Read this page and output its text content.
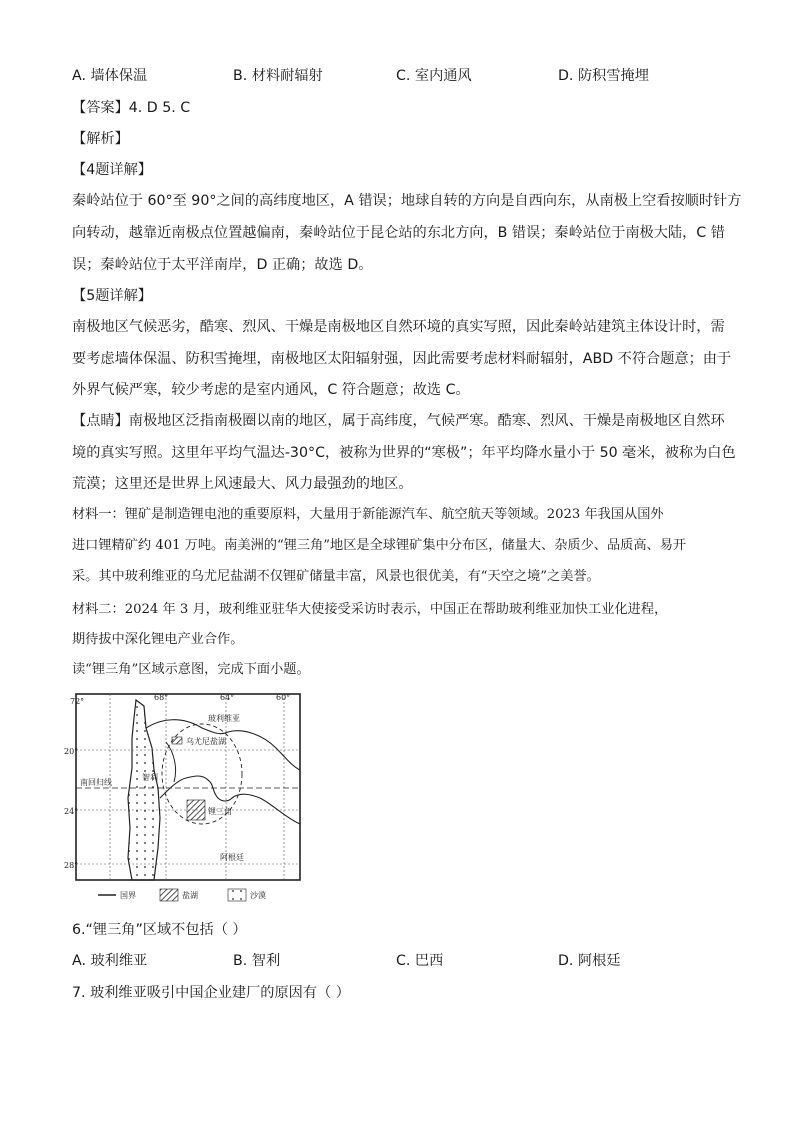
A. 墙体保温	B. 材料耐辐射	C. 室内通风	D. 防积雪掩埋
【答案】4. D 5. C
【解析】
【4题详解】
秦岭站位于 60°至 90°之间的高纬度地区，A 错误；地球自转的方向是自西向东，从南极上空看按顺时针方
向转动，越靠近南极点位置越偏南，秦岭站位于昆仑站的东北方向，B 错误；秦岭站位于南极大陆，C 错
误；秦岭站位于太平洋南岸，D 正确；故选 D。
【5题详解】
南极地区气候恶劣，酷寒、烈风、干燥是南极地区自然环境的真实写照，因此秦岭站建筑主体设计时，需
要考虑墙体保温、防积雪掩埋，南极地区太阳辐射强，因此需要考虑材料耐辐射，ABD 不符合题意；由于
外界气候严寒，较少考虑的是室内通风，C 符合题意；故选 C。
【点睛】南极地区泛指南极圈以南的地区，属于高纬度，气候严寒。酷寒、烈风、干燥是南极地区自然环
境的真实写照。这里年平均气温达-30°C，被称为世界的“寒极”；年平均降水量小于 50 毫米，被称为白色
荒漠；这里还是世界上风速最大、风力最强劲的地区。
材料一：锂矿是制造锂电池的重要原料，大量用于新能源汽车、航空航天等领域。2023 年我国从国外
进口锂精矿约 401 万吨。南美洲的“锂三角”地区是全球锂矿集中分布区，储量大、杂质少、品质高、易开
采。其中玻利维亚的乌尤尼盐湖不仅锂矿储量丰富，风景也很优美，有“天空之境”之美誉。
材料二：2024 年 3 月，玻利维亚驻华大使接受采访时表示，中国正在帮助玻利维亚加快工业化进程，
期待拔中深化锂电产业合作。
读“锂三角”区域示意图，完成下面小题。
72°	68°	64°	60°
20°
24°
28°
南回归线
玻利维亚
乌尤尼盐湖
智利
锂三角
阿根廷
国界	盐湖	沙漠
6.“锂三角”区域不包括（ ）
A. 玻利维亚	B. 智利	C. 巴西	D. 阿根廷
7. 玻利维亚吸引中国企业建厂的原因有（ ）
